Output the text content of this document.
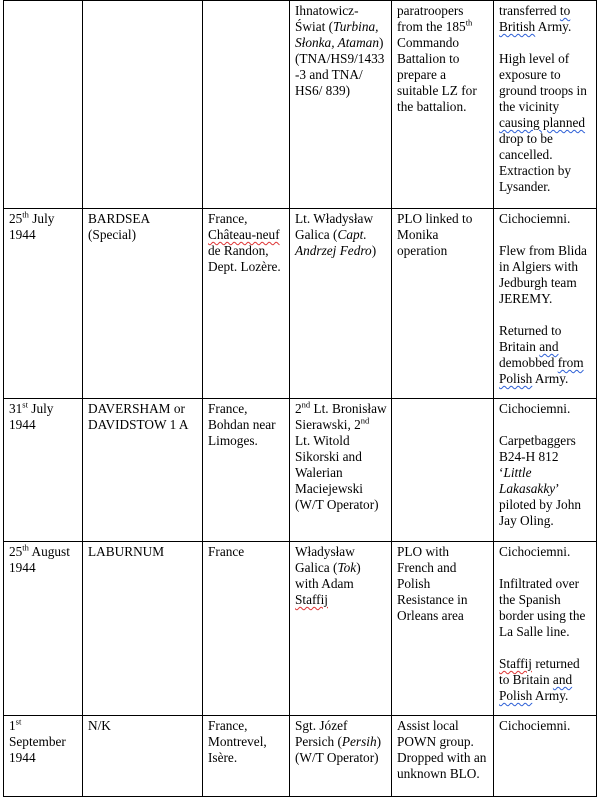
			Ihnatowicz-Świat (Turbina, Słonka, Ataman) (TNA/HS9/1433-3 and TNA/ HS6/ 839)	paratroopers from the 185th Commando Battalion to prepare a suitable LZ for the battalion.	transferred to British Army.

High level of exposure to ground troops in the vicinity causing planned drop to be cancelled. Extraction by Lysander.

25th July 1944	BARDSEA (Special)	France, Château-neuf de Randon, Dept. Lozère.	Lt. Władysław Galica (Capt. Andrzej Fedro)	PLO linked to Monika operation	Cichociemni.

Flew from Blida in Algiers with Jedburgh team JEREMY.

Returned to Britain and demobbed from Polish Army.

31st July 1944	DAVERSHAM or DAVIDSTOW 1 A	France, Bohdan near Limoges.	2nd Lt. Bronisław Sierawski, 2nd Lt. Witold Sikorski and Walerian Maciejewski (W/T Operator)		Cichociemni.

Carpetbaggers B24-H 812 ‘Little Lakasakky’ piloted by John Jay Oling.

25th August 1944	LABURNUM	France	Władysław Galica (Tok) with Adam Staffij	PLO with French and Polish Resistance in Orleans area	Cichociemni.

Infiltrated over the Spanish border using the La Salle line.

Staffij returned to Britain and Polish Army.

1st September 1944	N/K	France, Montrevel, Isère.	Sgt. Józef Persich (Persih) (W/T Operator)	Assist local POWN group. Dropped with an unknown BLO.	Cichociemni.
